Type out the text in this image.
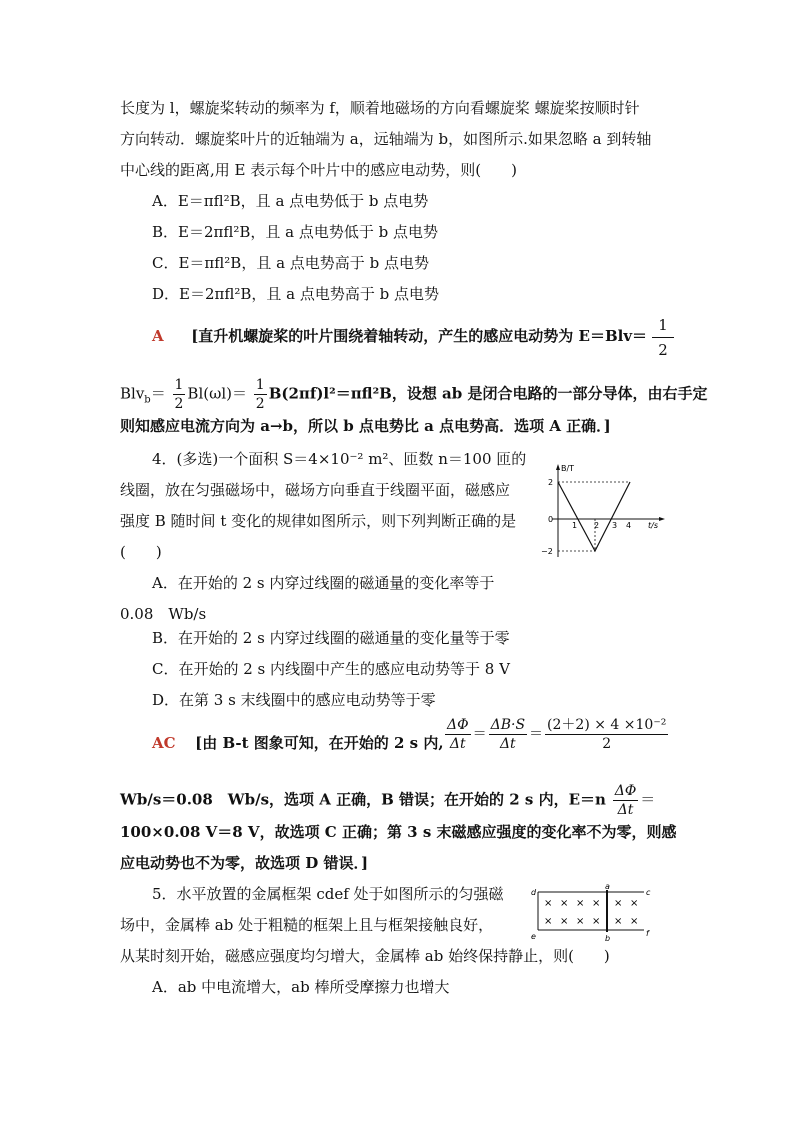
长度为 l，螺旋桨转动的频率为 f，顺着地磁场的方向看螺旋桨 螺旋桨按顺时针
方向转动．螺旋桨叶片的近轴端为 a，远轴端为 b，如图所示.如果忽略 a 到转轴
中心线的距离,用 E 表示每个叶片中的感应电动势，则(　　)
A．E＝πfl²B，且 a 点电势低于 b 点电势
B．E＝2πfl²B，且 a 点电势低于 b 点电势
C．E＝πfl²B，且 a 点电势高于 b 点电势
D．E＝2πfl²B，且 a 点电势高于 b 点电势
A [直升机螺旋桨的叶片围绕着轴转动，产生的感应电动势为 E＝Blv＝
1
2
$Blv_b= \frac{1}{2} Bl(\omega l)= \frac{1}{2} B(2\pi f)l^2=\pi fl^2B$，设想 ab 是闭合电路的一部分导体，由右手定
则知感应电流方向为 a→b，所以 b 点电势比 a 点电势高．选项 A 正确．]
4．(多选)一个面积 S＝4×10⁻² m²、匝数 n＝100 匝的
线圈，放在匀强磁场中，磁场方向垂直于线圈平面，磁感应
强度 B 随时间 t 变化的规律如图所示，则下列判断正确的是
(　　)
A．在开始的 2 s 内穿过线圈的磁通量的变化率等于
0.08　Wb/s
B．在开始的 2 s 内穿过线圈的磁通量的变化量等于零
C．在开始的 2 s 内线圈中产生的感应电动势等于 8 V
D．在第 3 s 末线圈中的感应电动势等于零
B/T
t/s
2
0
−2
1 2 3 4
AC [由 B-t 图象可知，在开始的 2 s 内, $\frac{\Delta\Phi}{\Delta t} = \frac{\Delta B\cdot S}{\Delta t} = \frac{\text{(2＋2) × 4 ×10⁻²}}{2}$
Wb/s＝0.08　Wb/s，选项 A 正确，B 错误；在开始的 2 s 内，$E=n \frac{\Delta\Phi}{\Delta t}$ ＝
100×0.08 V＝8 V，故选项 C 正确；第 3 s 末磁感应强度的变化率不为零，则感
应电动势也不为零，故选项 D 错误．]
5．水平放置的金属框架 cdef 处于如图所示的匀强磁
场中，金属棒 ab 处于粗糙的框架上且与框架接触良好，
从某时刻开始，磁感应强度均匀增大，金属棒 ab 始终保持静止，则(　　)
A．ab 中电流增大，ab 棒所受摩擦力也增大
d	c
e	f
a
b
× × × × × ×
× × × × × ×
